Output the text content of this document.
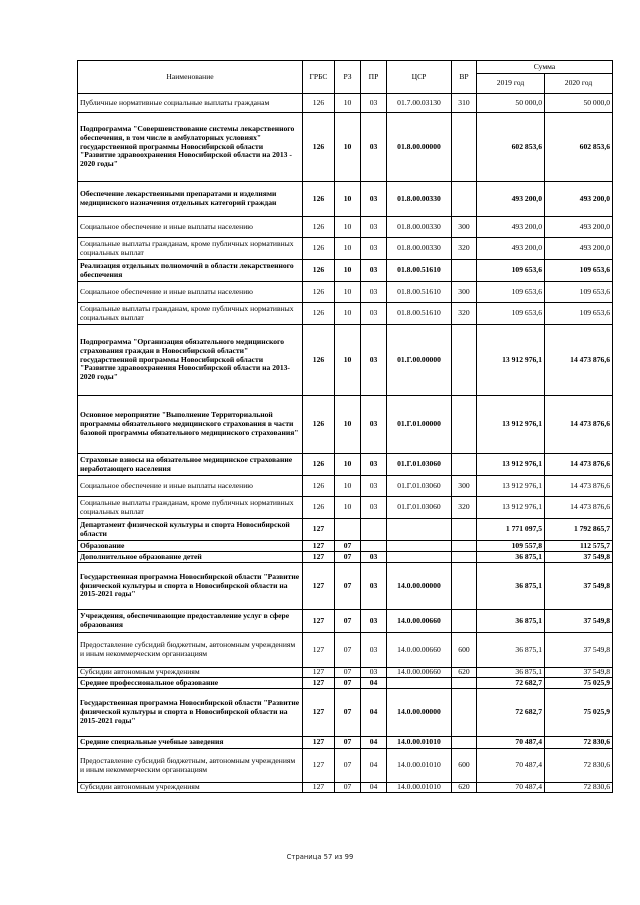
Наименование	ГРБС	РЗ	ПР	ЦСР	ВР	Сумма	
						2019 год	2020 год
Публичные нормативные социальные выплаты гражданам	126	10	03	01.7.00.03130	310	50 000,0	50 000,0
Подпрограмма "Совершенствование системы лекарственного обеспечения, в том числе в амбулаторных условиях" государственной программы Новосибирской области "Развитие здравоохранения Новосибирской области на 2013 - 2020 годы"	126	10	03	01.8.00.00000		602 853,6	602 853,6
Обеспечение лекарственными препаратами и изделиями медицинского назначения отдельных категорий граждан	126	10	03	01.8.00.00330		493 200,0	493 200,0
Социальное обеспечение и иные выплаты населению	126	10	03	01.8.00.00330	300	493 200,0	493 200,0
Социальные выплаты гражданам, кроме публичных нормативных социальных выплат	126	10	03	01.8.00.00330	320	493 200,0	493 200,0
Реализация отдельных полномочий в области лекарственного обеспечения	126	10	03	01.8.00.51610		109 653,6	109 653,6
Социальное обеспечение и иные выплаты населению	126	10	03	01.8.00.51610	300	109 653,6	109 653,6
Социальные выплаты гражданам, кроме публичных нормативных социальных выплат	126	10	03	01.8.00.51610	320	109 653,6	109 653,6
Подпрограмма "Организация обязательного медицинского страхования граждан в Новосибирской области" государственной программы Новосибирской области "Развитие здравоохранения Новосибирской области на 2013-2020 годы"	126	10	03	01.Г.00.00000		13 912 976,1	14 473 876,6
Основное мероприятие "Выполнение Территориальной программы обязательного медицинского страхования в части базовой программы обязательного медицинского страхования"	126	10	03	01.Г.01.00000		13 912 976,1	14 473 876,6
Страховые взносы на обязательное медицинское страхование неработающего населения	126	10	03	01.Г.01.03060		13 912 976,1	14 473 876,6
Социальное обеспечение и иные выплаты населению	126	10	03	01.Г.01.03060	300	13 912 976,1	14 473 876,6
Социальные выплаты гражданам, кроме публичных нормативных социальных выплат	126	10	03	01.Г.01.03060	320	13 912 976,1	14 473 876,6
Департамент физической культуры и спорта Новосибирской области	127					1 771 097,5	1 792 865,7
Образование	127	07				109 557,8	112 575,7
Дополнительное образование детей	127	07	03			36 875,1	37 549,8
Государственная программа Новосибирской области "Развитие физической культуры и спорта в Новосибирской области на 2015-2021 годы"	127	07	03	14.0.00.00000		36 875,1	37 549,8
Учреждения, обеспечивающие предоставление услуг в сфере образования	127	07	03	14.0.00.00660		36 875,1	37 549,8
Предоставление субсидий бюджетным, автономным учреждениям и иным некоммерческим организациям	127	07	03	14.0.00.00660	600	36 875,1	37 549,8
Субсидии автономным учреждениям	127	07	03	14.0.00.00660	620	36 875,1	37 549,8
Среднее профессиональное образование	127	07	04			72 682,7	75 025,9
Государственная программа Новосибирской области "Развитие физической культуры и спорта в Новосибирской области на 2015-2021 годы"	127	07	04	14.0.00.00000		72 682,7	75 025,9
Средние специальные учебные заведения	127	07	04	14.0.00.01010		70 487,4	72 830,6
Предоставление субсидий бюджетным, автономным учреждениям и иным некоммерческим организациям	127	07	04	14.0.00.01010	600	70 487,4	72 830,6
Субсидии автономным учреждениям	127	07	04	14.0.00.01010	620	70 487,4	72 830,6
Страница 57 из 99
